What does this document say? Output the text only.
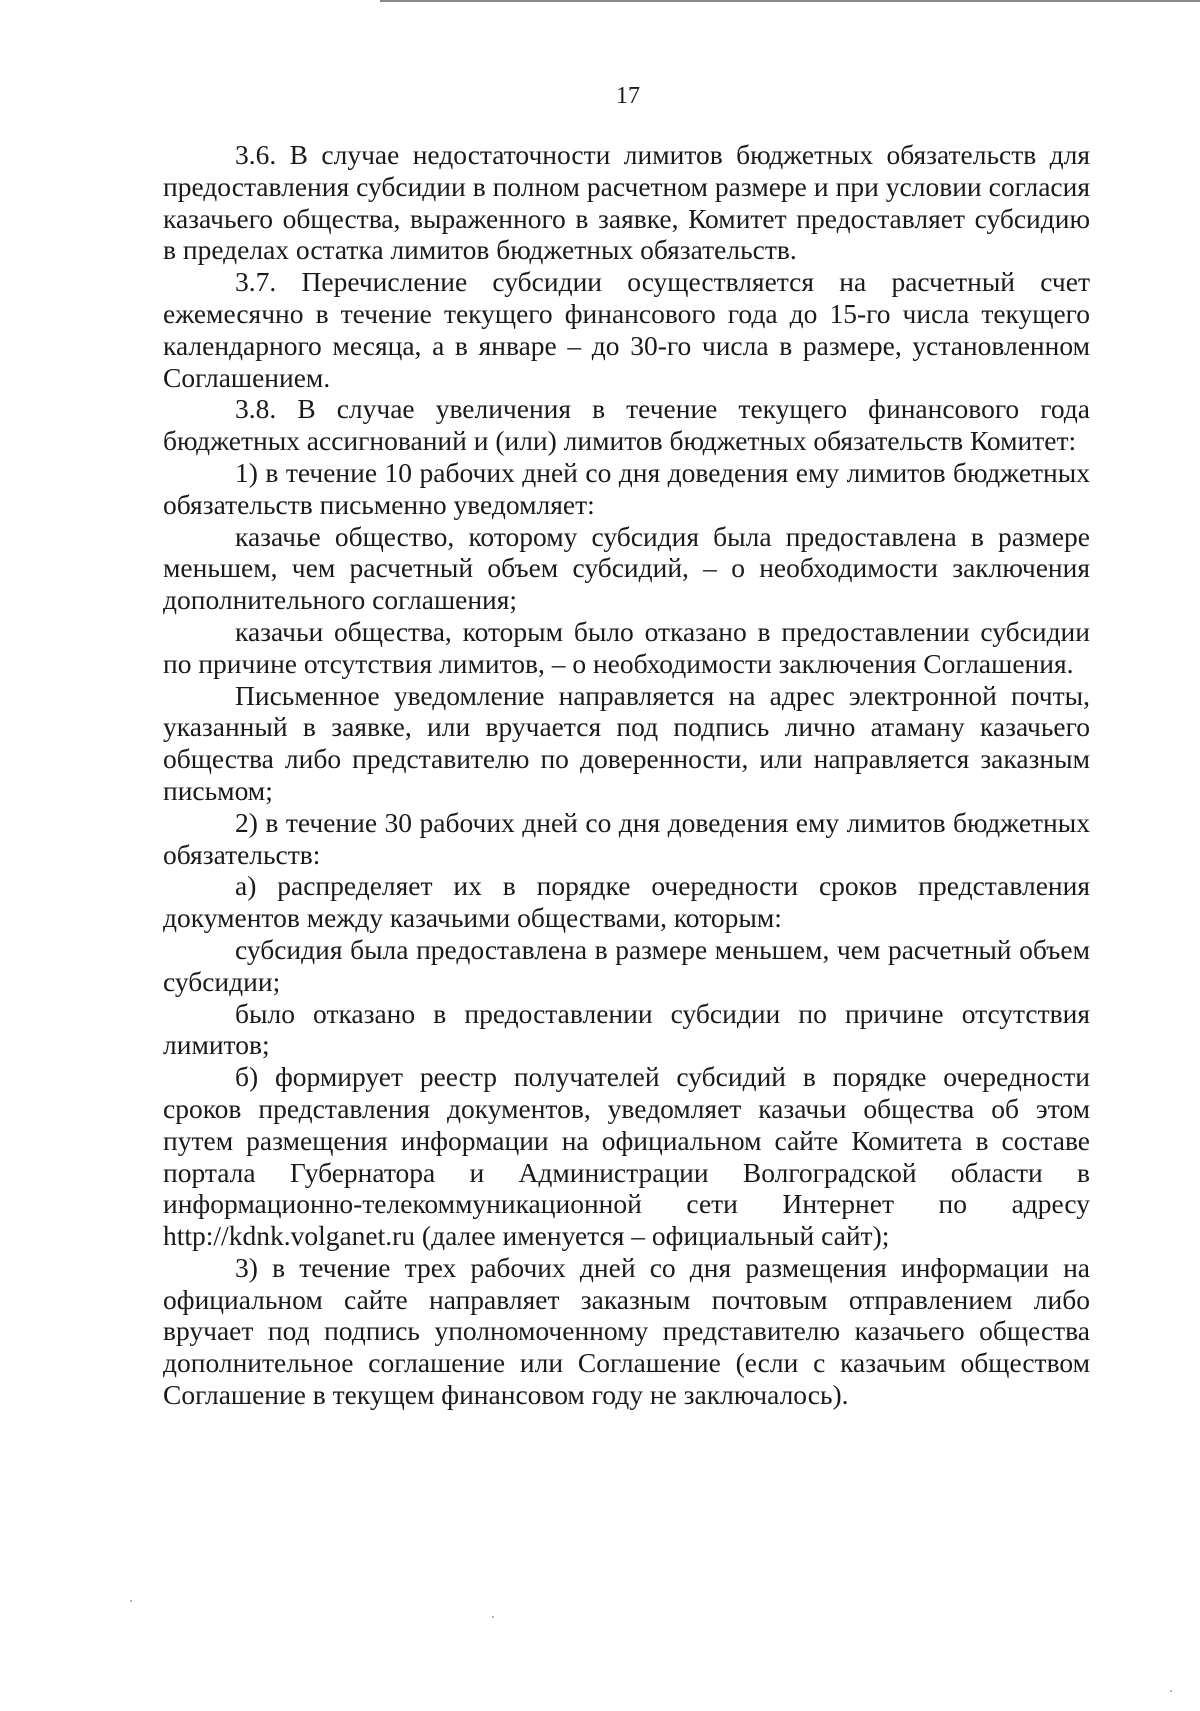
17

3.6. В случае недостаточности лимитов бюджетных обязательств для предоставления субсидии в полном расчетном размере и при условии согласия казачьего общества, выраженного в заявке, Комитет предоставляет субсидию в пределах остатка лимитов бюджетных обязательств.

3.7. Перечисление субсидии осуществляется на расчетный счет ежемесячно в течение текущего финансового года до 15-го числа текущего календарного месяца, а в январе – до 30-го числа в размере, установленном Соглашением.

3.8. В случае увеличения в течение текущего финансового года бюджетных ассигнований и (или) лимитов бюджетных обязательств Комитет:

1) в течение 10 рабочих дней со дня доведения ему лимитов бюджетных обязательств письменно уведомляет:

казачье общество, которому субсидия была предоставлена в размере меньшем, чем расчетный объем субсидий, – о необходимости заключения дополнительного соглашения;

казачьи общества, которым было отказано в предоставлении субсидии по причине отсутствия лимитов, – о необходимости заключения Соглашения.

Письменное уведомление направляется на адрес электронной почты, указанный в заявке, или вручается под подпись лично атаману казачьего общества либо представителю по доверенности, или направляется заказным письмом;

2) в течение 30 рабочих дней со дня доведения ему лимитов бюджетных обязательств:

а) распределяет их в порядке очередности сроков представления документов между казачьими обществами, которым:

субсидия была предоставлена в размере меньшем, чем расчетный объем субсидии;

было отказано в предоставлении субсидии по причине отсутствия лимитов;

б) формирует реестр получателей субсидий в порядке очередности сроков представления документов, уведомляет казачьи общества об этом путем размещения информации на официальном сайте Комитета в составе портала Губернатора и Администрации Волгоградской области в информационно-телекоммуникационной сети Интернет по адресу http://kdnk.volganet.ru (далее именуется – официальный сайт);

3) в течение трех рабочих дней со дня размещения информации на официальном сайте направляет заказным почтовым отправлением либо вручает под подпись уполномоченному представителю казачьего общества дополнительное соглашение или Соглашение (если с казачьим обществом Соглашение в текущем финансовом году не заключалось).
